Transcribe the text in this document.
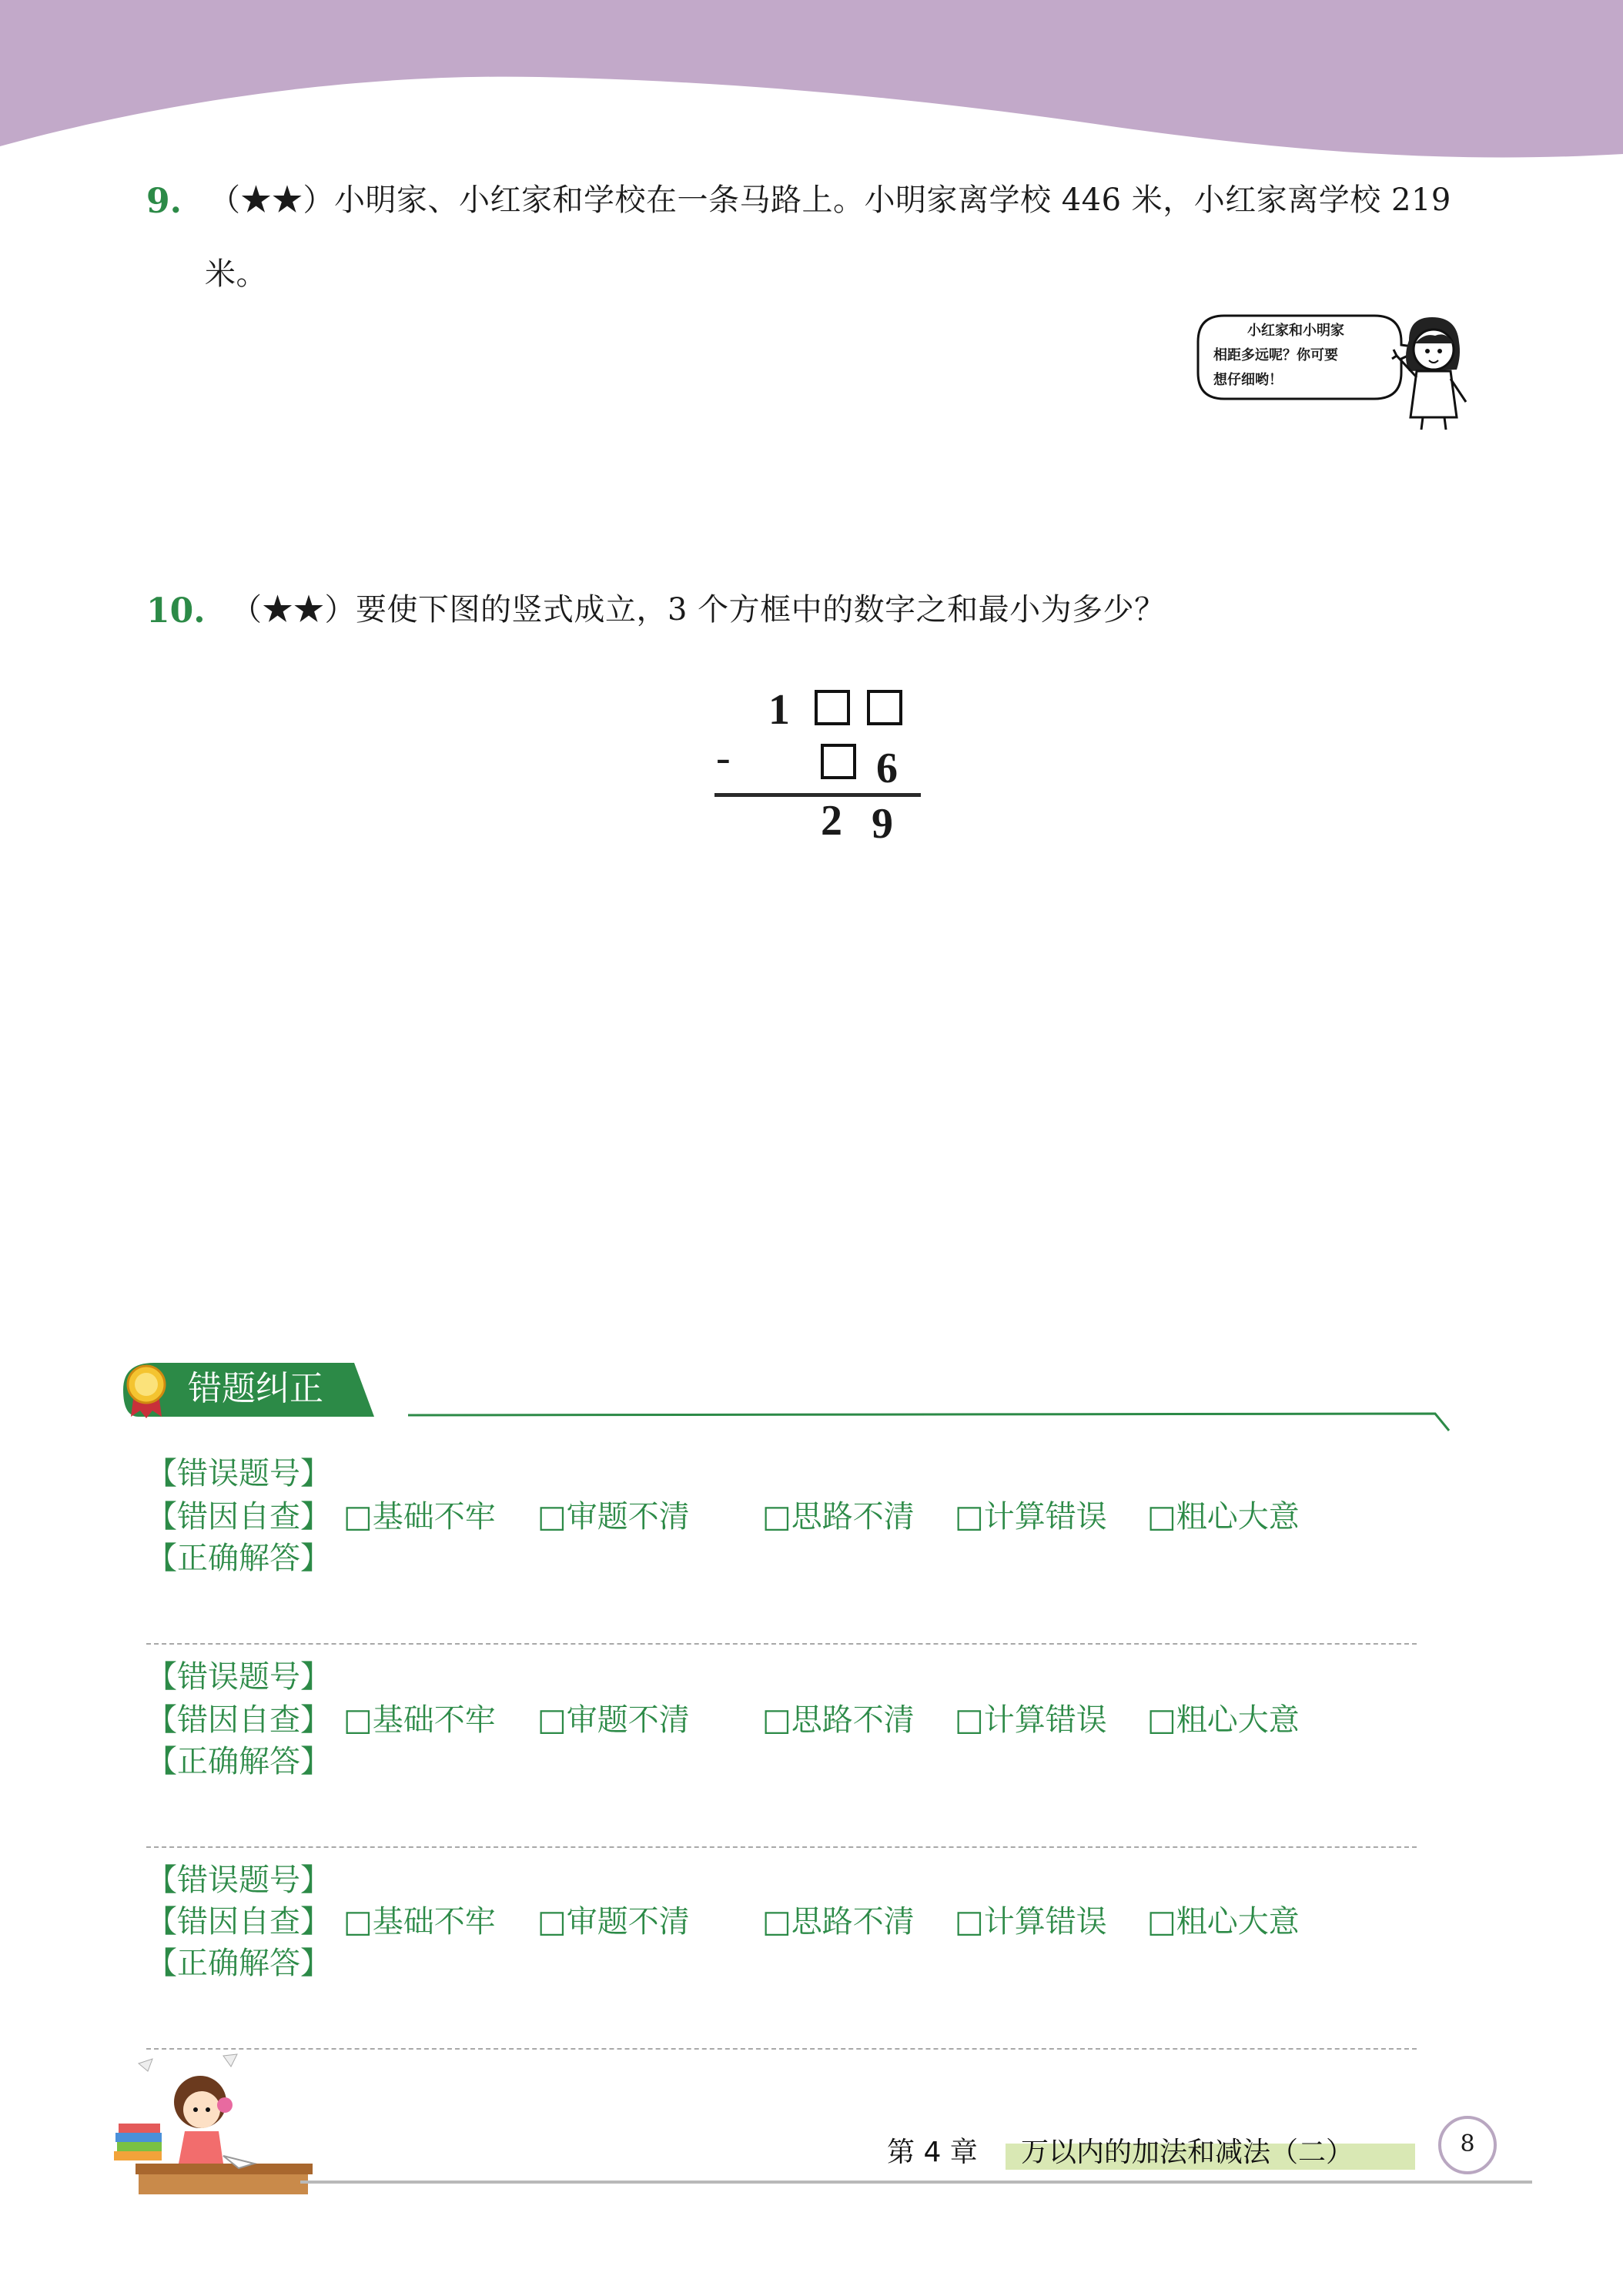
9. （★★）小明家、小红家和学校在一条马路上。小明家离学校 446 米，小红家离学校 219
米。
小红家和小明家
相距多远呢？你可要
想仔细哟！
10. （★★）要使下图的竖式成立，3 个方框中的数字之和最小为多少？
1
-	6
2 9
错题纠正
【错误题号】
【错因自查】 □基础不牢 □审题不清 □思路不清 □计算错误 □粗心大意
【正确解答】
【错误题号】
【错因自查】 □基础不牢 □审题不清 □思路不清 □计算错误 □粗心大意
【正确解答】
【错误题号】
【错因自查】 □基础不牢 □审题不清 □思路不清 □计算错误 □粗心大意
【正确解答】
第 4 章 万以内的加法和减法（二）	8
